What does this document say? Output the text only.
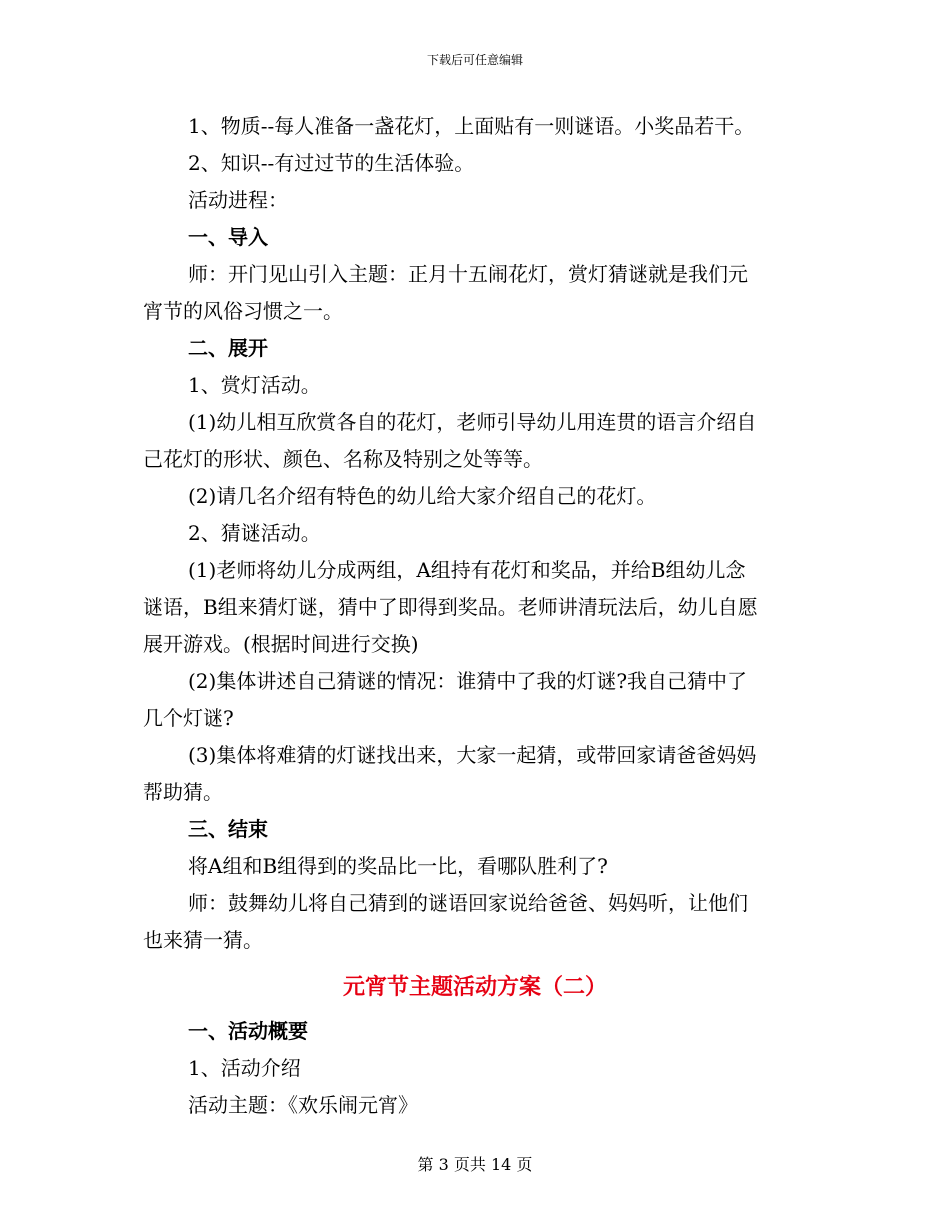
下载后可任意编辑
1、物质--每人准备一盏花灯，上面贴有一则谜语。小奖品若干。
2、知识--有过过节的生活体验。
活动进程：
一、导入
师：开门见山引入主题：正月十五闹花灯，赏灯猜谜就是我们元
宵节的风俗习惯之一。
二、展开
1、赏灯活动。
(1)幼儿相互欣赏各自的花灯，老师引导幼儿用连贯的语言介绍自
己花灯的形状、颜色、名称及特别之处等等。
(2)请几名介绍有特色的幼儿给大家介绍自己的花灯。
2、猜谜活动。
(1)老师将幼儿分成两组，A组持有花灯和奖品，并给B组幼儿念
谜语，B组来猜灯谜，猜中了即得到奖品。老师讲清玩法后，幼儿自愿
展开游戏。(根据时间进行交换)
(2)集体讲述自己猜谜的情况：谁猜中了我的灯谜?我自己猜中了
几个灯谜?
(3)集体将难猜的灯谜找出来，大家一起猜，或带回家请爸爸妈妈
帮助猜。
三、结束
将A组和B组得到的奖品比一比，看哪队胜利了?
师：鼓舞幼儿将自己猜到的谜语回家说给爸爸、妈妈听，让他们
也来猜一猜。
元宵节主题活动方案（二）
一、活动概要
1、活动介绍
活动主题：《欢乐闹元宵》
第 3 页共 14 页
